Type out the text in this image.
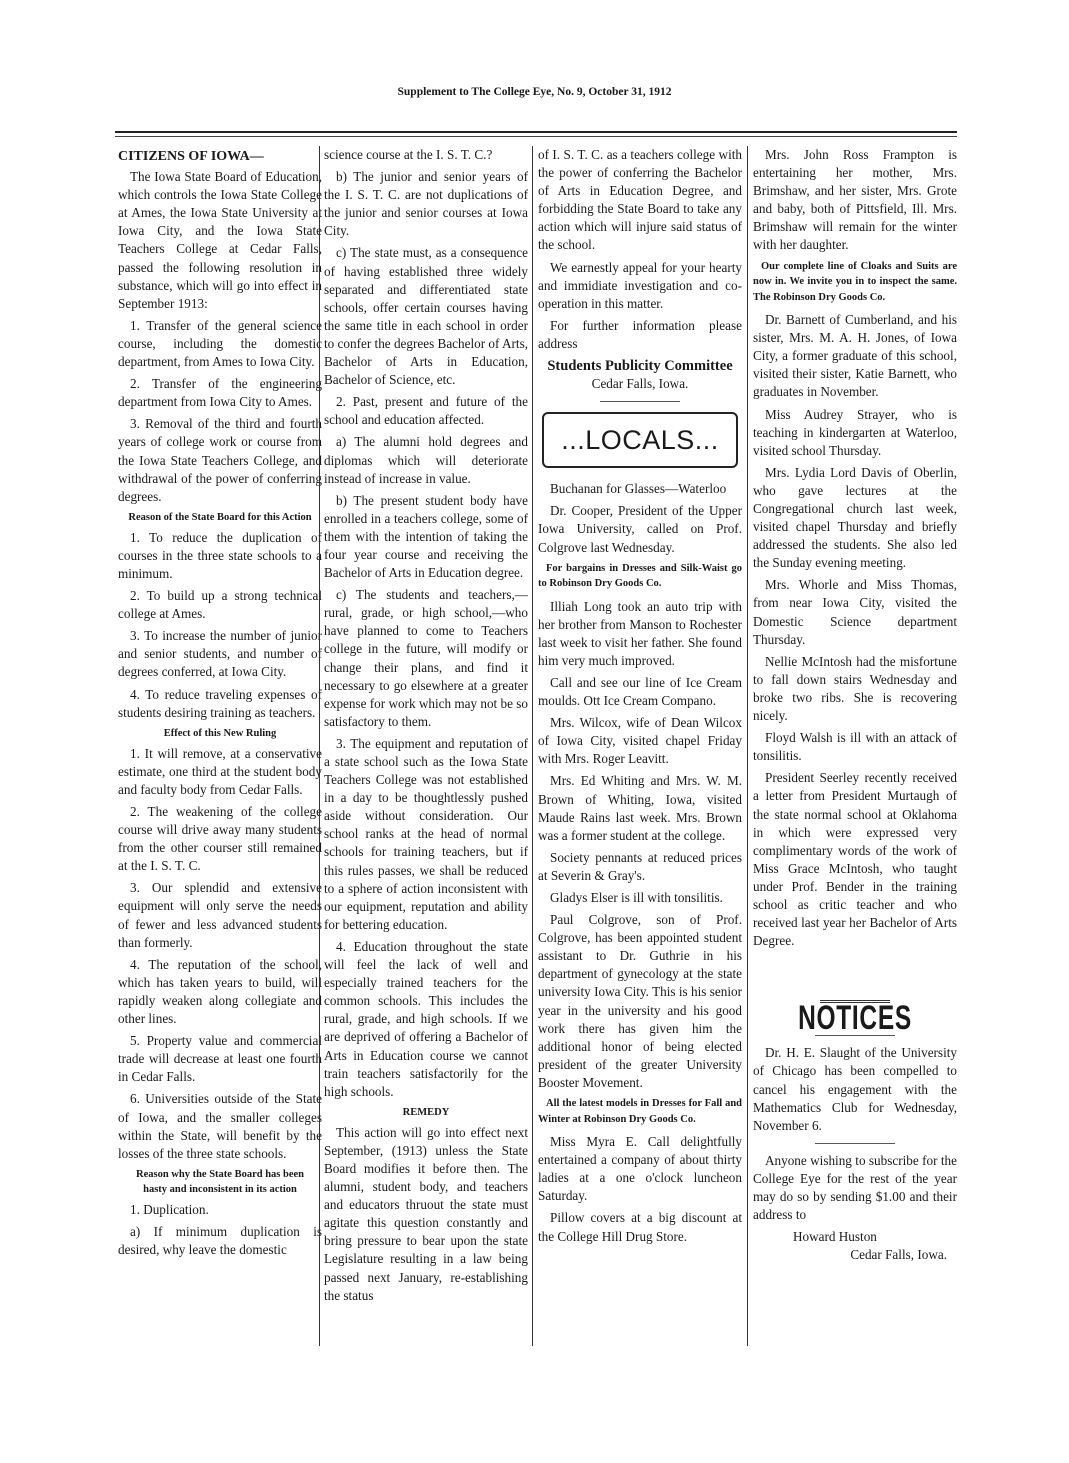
Supplement to The College Eye, No. 9, October 31, 1912
CITIZENS OF IOWA—

The Iowa State Board of Education, which controls the Iowa State College at Ames, the Iowa State University at Iowa City, and the Iowa State Teachers College at Cedar Falls, passed the following resolution in substance, which will go into effect in September 1913:

1. Transfer of the general science course, including the domestic department, from Ames to Iowa City.

2. Transfer of the engineering department from Iowa City to Ames.

3. Removal of the third and fourth years of college work or course from the Iowa State Teachers College, and withdrawal of the power of conferring degrees.

Reason of the State Board for this Action

1. To reduce the duplication of courses in the three state schools to a minimum.

2. To build up a strong technical college at Ames.

3. To increase the number of junior and senior students, and number of degrees conferred, at Iowa City.

4. To reduce traveling expenses of students desiring training as teachers.

Effect of this New Ruling

1. It will remove, at a conservative estimate, one third at the student body and faculty body from Cedar Falls.

2. The weakening of the college course will drive away many students from the other courser still remained at the I. S. T. C.

3. Our splendid and extensive equipment will only serve the needs of fewer and less advanced students than formerly.

4. The reputation of the school, which has taken years to build, will rapidly weaken along collegiate and other lines.

5. Property value and commercial trade will decrease at least one fourth in Cedar Falls.

6. Universities outside of the State of Iowa, and the smaller colleges within the State, will benefit by the losses of the three state schools.

Reason why the State Board has been hasty and inconsistent in its action

1. Duplication.

a) If minimum duplication is desired, why leave the domestic

science course at the I. S. T. C.?

b) The junior and senior years of the I. S. T. C. are not duplications of the junior and senior courses at Iowa City.

c) The state must, as a consequence of having established three widely separated and differentiated state schools, offer certain courses having the same title in each school in order to confer the degrees Bachelor of Arts, Bachelor of Arts in Education, Bachelor of Science, etc.

2. Past, present and future of the school and education affected.

a) The alumni hold degrees and diplomas which will deteriorate instead of increase in value.

b) The present student body have enrolled in a teachers college, some of them with the intention of taking the four year course and receiving the Bachelor of Arts in Education degree.

c) The students and teachers,—rural, grade, or high school,—who have planned to come to Teachers college in the future, will modify or change their plans, and find it necessary to go elsewhere at a greater expense for work which may not be so satisfactory to them.

3. The equipment and reputation of a state school such as the Iowa State Teachers College was not established in a day to be thoughtlessly pushed aside without consideration. Our school ranks at the head of normal schools for training teachers, but if this rules passes, we shall be reduced to a sphere of action inconsistent with our equipment, reputation and ability for bettering education.

4. Education throughout the state will feel the lack of well and especially trained teachers for the common schools. This includes the rural, grade, and high schools. If we are deprived of offering a Bachelor of Arts in Education course we cannot train teachers satisfactorily for the high schools.

REMEDY

This action will go into effect next September, (1913) unless the State Board modifies it before then. The alumni, student body, and teachers and educators thruout the state must agitate this question constantly and bring pressure to bear upon the state Legislature resulting in a law being passed next January, re-establishing the status

of I. S. T. C. as a teachers college with the power of conferring the Bachelor of Arts in Education Degree, and forbidding the State Board to take any action which will injure said status of the school.

We earnestly appeal for your hearty and immidiate investigation and co-operation in this matter.

For further information please address

Students Publicity Committee
Cedar Falls, Iowa.
...LOCALS...

Buchanan for Glasses—Waterloo

Dr. Cooper, President of the Upper Iowa University, called on Prof. Colgrove last Wednesday.

For bargains in Dresses and Silk-Waist go to Robinson Dry Goods Co.

Illiah Long took an auto trip with her brother from Manson to Rochester last week to visit her father. She found him very much improved.

Call and see our line of Ice Cream moulds. Ott Ice Cream Compano.

Mrs. Wilcox, wife of Dean Wilcox of Iowa City, visited chapel Friday with Mrs. Roger Leavitt.

Mrs. Ed Whiting and Mrs. W. M. Brown of Whiting, Iowa, visited Maude Rains last week. Mrs. Brown was a former student at the college.

Society pennants at reduced prices at Severin & Gray's.

Gladys Elser is ill with tonsilitis.

Paul Colgrove, son of Prof. Colgrove, has been appointed student assistant to Dr. Guthrie in his department of gynecology at the state university Iowa City. This is his senior year in the university and his good work there has given him the additional honor of being elected president of the greater University Booster Movement.

All the latest models in Dresses for Fall and Winter at Robinson Dry Goods Co.

Miss Myra E. Call delightfully entertained a company of about thirty ladies at a one o'clock luncheon Saturday.

Pillow covers at a big discount at the College Hill Drug Store.

Mrs. John Ross Frampton is entertaining her mother, Mrs. Brimshaw, and her sister, Mrs. Grote and baby, both of Pittsfield, Ill. Mrs. Brimshaw will remain for the winter with her daughter.

Our complete line of Cloaks and Suits are now in. We invite you in to inspect the same. The Robinson Dry Goods Co.

Dr. Barnett of Cumberland, and his sister, Mrs. M. A. H. Jones, of Iowa City, a former graduate of this school, visited their sister, Katie Barnett, who graduates in November.

Miss Audrey Strayer, who is teaching in kindergarten at Waterloo, visited school Thursday.

Mrs. Lydia Lord Davis of Oberlin, who gave lectures at the Congregational church last week, visited chapel Thursday and briefly addressed the students. She also led the Sunday evening meeting.

Mrs. Whorle and Miss Thomas, from near Iowa City, visited the Domestic Science department Thursday.

Nellie McIntosh had the misfortune to fall down stairs Wednesday and broke two ribs. She is recovering nicely.

Floyd Walsh is ill with an attack of tonsilitis.

President Seerley recently received a letter from President Murtaugh of the state normal school at Oklahoma in which were expressed very complimentary words of the work of Miss Grace McIntosh, who taught under Prof. Bender in the training school as critic teacher and who received last year her Bachelor of Arts Degree.

NOTICES

Dr. H. E. Slaught of the University of Chicago has been compelled to cancel his engagement with the Mathematics Club for Wednesday, November 6.

Anyone wishing to subscribe for the College Eye for the rest of the year may do so by sending $1.00 and their address to

Howard Huston
Cedar Falls, Iowa.
